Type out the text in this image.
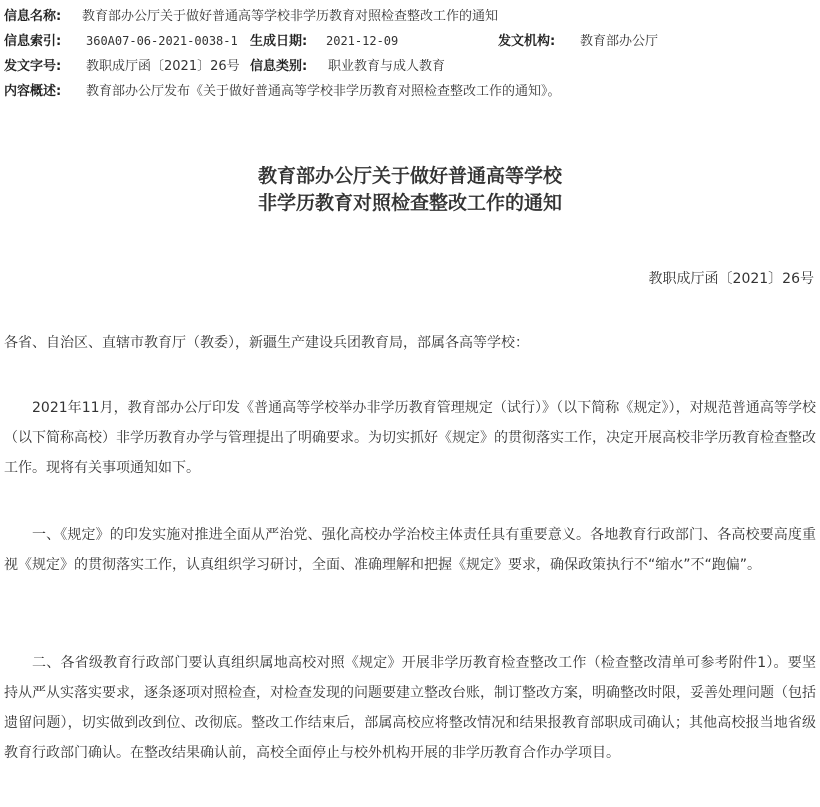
信息名称: 教育部办公厅关于做好普通高等学校非学历教育对照检查整改工作的通知
信息索引: 360A07-06-2021-0038-1 生成日期: 2021-12-09	发文机构: 教育部办公厅
发文字号: 教职成厅函〔2021〕26号 信息类别: 职业教育与成人教育
内容概述: 教育部办公厅发布《关于做好普通高等学校非学历教育对照检查整改工作的通知》。
教育部办公厅关于做好普通高等学校
非学历教育对照检查整改工作的通知
教职成厅函〔2021〕26号
各省、自治区、直辖市教育厅（教委），新疆生产建设兵团教育局，部属各高等学校：
2021年11月，教育部办公厅印发《普通高等学校举办非学历教育管理规定（试行）》（以下简称《规定》），对规范普通高等学校（以下简称高校）非学历教育办学与管理提出了明确要求。为切实抓好《规定》的贯彻落实工作，决定开展高校非学历教育检查整改工作。现将有关事项通知如下。
一、《规定》的印发实施对推进全面从严治党、强化高校办学治校主体责任具有重要意义。各地教育行政部门、各高校要高度重视《规定》的贯彻落实工作，认真组织学习研讨，全面、准确理解和把握《规定》要求，确保政策执行不“缩水”不“跑偏”。
二、各省级教育行政部门要认真组织属地高校对照《规定》开展非学历教育检查整改工作（检查整改清单可参考附件1）。要坚持从严从实落实要求，逐条逐项对照检查，对检查发现的问题要建立整改台账，制订整改方案，明确整改时限，妥善处理问题（包括遗留问题），切实做到改到位、改彻底。整改工作结束后，部属高校应将整改情况和结果报教育部职成司确认；其他高校报当地省级教育行政部门确认。在整改结果确认前，高校全面停止与校外机构开展的非学历教育合作办学项目。
